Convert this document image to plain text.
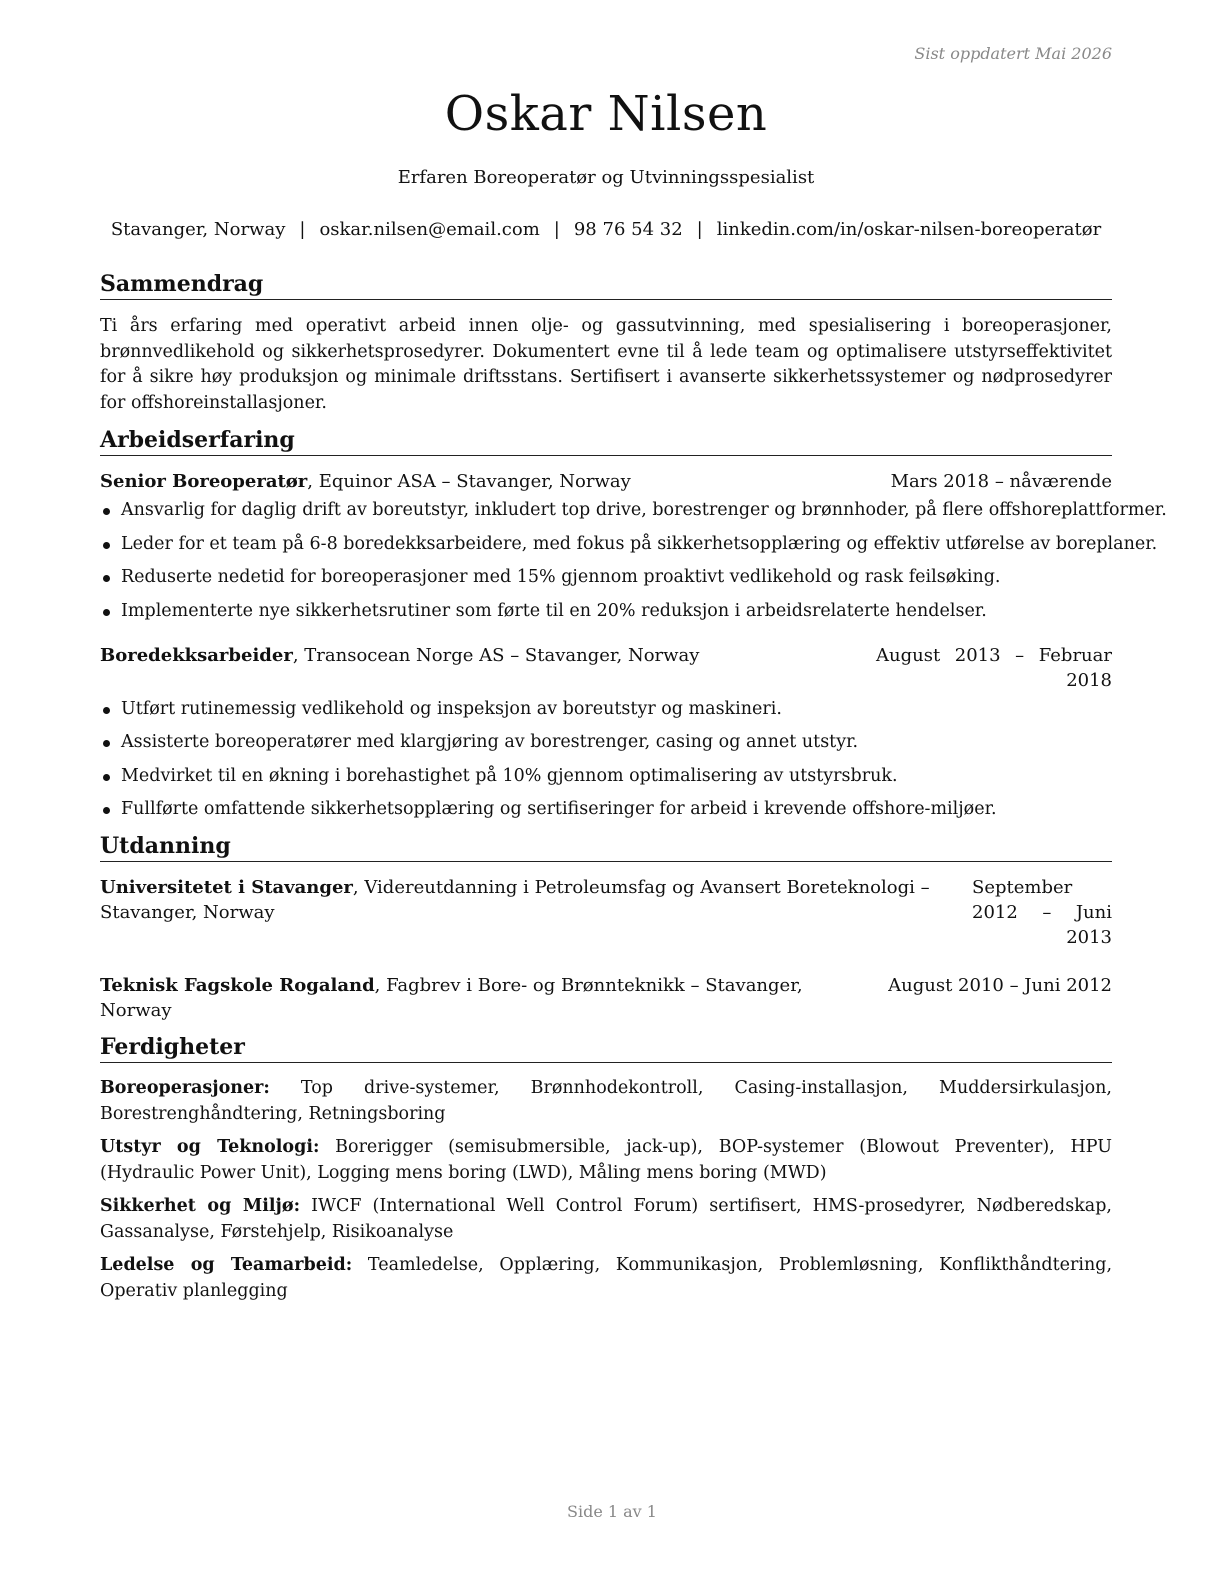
Sist oppdatert Mai 2026
Oskar Nilsen
Erfaren Boreoperatør og Utvinningsspesialist
Stavanger, Norway | oskar.nilsen@email.com | 98 76 54 32 | linkedin.com/in/oskar-nilsen-boreoperatør
Sammendrag

Ti års erfaring med operativt arbeid innen olje- og gassutvinning, med spesialisering i boreoperasjoner, brønnvedlikehold og sikkerhetsprosedyrer. Dokumentert evne til å lede team og optimalisere utstyrseffektivitet for å sikre høy produksjon og minimale driftsstans. Sertifisert i avanserte sikkerhetssystemer og nødprosedyrer for offshoreinstallasjoner.

Arbeidserfaring
Senior Boreoperatør, Equinor ASA – Stavanger, Norway	Mars 2018 – nåværende
Ansvarlig for daglig drift av boreutstyr, inkludert top drive, borestrenger og brønnhoder, på flere offshoreplattformer.
Leder for et team på 6-8 boredekksarbeidere, med fokus på sikkerhetsopplæring og effektiv utførelse av boreplaner.
Reduserte nedetid for boreoperasjoner med 15% gjennom proaktivt vedlikehold og rask feilsøking.
Implementerte nye sikkerhetsrutiner som førte til en 20% reduksjon i arbeidsrelaterte hendelser.
Boredekksarbeider, Transocean Norge AS – Stavanger, Norway	August 2013 – Februar 2018
Utført rutinemessig vedlikehold og inspeksjon av boreutstyr og maskineri.
Assisterte boreoperatører med klargjøring av borestrenger, casing og annet utstyr.
Medvirket til en økning i borehastighet på 10% gjennom optimalisering av utstyrsbruk.
Fullførte omfattende sikkerhetsopplæring og sertifiseringer for arbeid i krevende offshore-miljøer.
Utdanning
Universitetet i Stavanger, Videreutdanning i Petroleumsfag og Avansert Boreteknologi – Stavanger, Norway
September 2012 – Juni 2013
Teknisk Fagskole Rogaland, Fagbrev i Bore- og Brønnteknikk – Stavanger, Norway
August 2010 – Juni 2012
Ferdigheter

Boreoperasjoner: Top drive-systemer, Brønnhodekontroll, Casing-installasjon, Muddersirkulasjon, Borestrenghåndtering, Retningsboring

Utstyr og Teknologi: Borerigger (semisubmersible, jack-up), BOP-systemer (Blowout Preventer), HPU (Hydraulic Power Unit), Logging mens boring (LWD), Måling mens boring (MWD)

Sikkerhet og Miljø: IWCF (International Well Control Forum) sertifisert, HMS-prosedyrer, Nødberedskap, Gassanalyse, Førstehjelp, Risikoanalyse

Ledelse og Teamarbeid: Teamledelse, Opplæring, Kommunikasjon, Problemløsning, Konflikthåndtering, Operativ planlegging

Side 1 av 1
